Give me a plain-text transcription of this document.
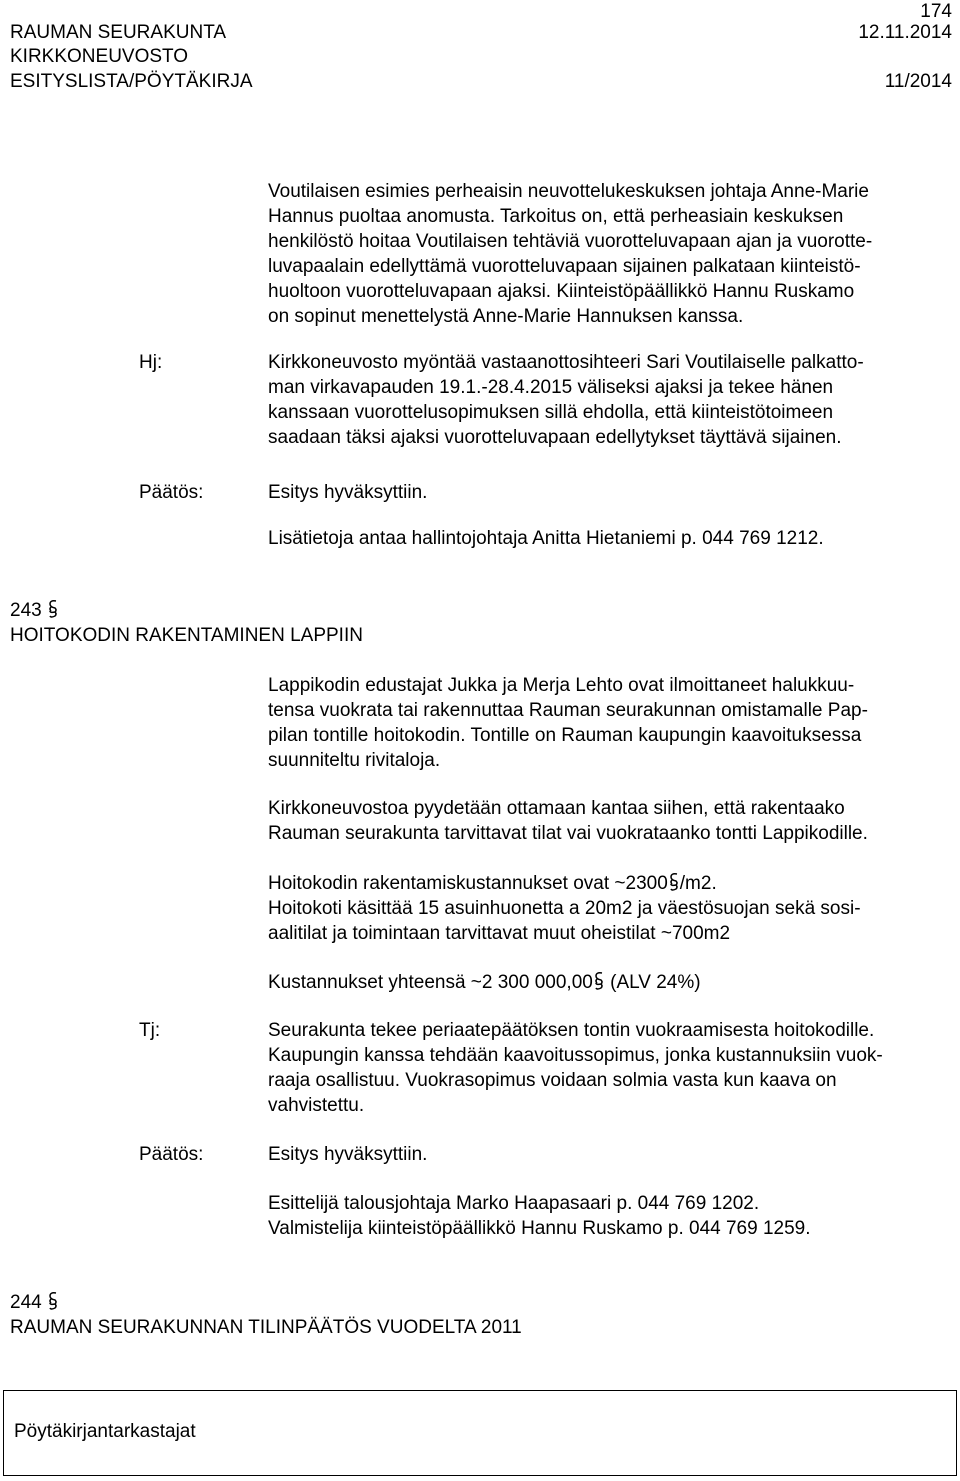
174
RAUMAN SEURAKUNTA	12.11.2014
KIRKKONEUVOSTO
ESITYSLISTA/PÖYTÄKIRJA	11/2014
Voutilaisen esimies perheaisin neuvottelukeskuksen johtaja Anne-Marie
Hannus puoltaa anomusta. Tarkoitus on, että perheasiain keskuksen
henkilöstö hoitaa Voutilaisen tehtäviä vuorotteluvapaan ajan ja vuorotte-
luvapaalain edellyttämä vuorotteluvapaan sijainen palkataan kiinteistö-
huoltoon vuorotteluvapaan ajaksi. Kiinteistöpäällikkö Hannu Ruskamo
on sopinut menettelystä Anne-Marie Hannuksen kanssa.
Hj:	Kirkkoneuvosto myöntää vastaanottosihteeri Sari Voutilaiselle palkatto-
man virkavapauden 19.1.-28.4.2015 väliseksi ajaksi ja tekee hänen
kanssaan vuorottelusopimuksen sillä ehdolla, että kiinteistötoimeen
saadaan täksi ajaksi vuorotteluvapaan edellytykset täyttävä sijainen.
Päätös:	Esitys hyväksyttiin.
Lisätietoja antaa hallintojohtaja Anitta Hietaniemi p. 044 769 1212.
243
HOITOKODIN RAKENTAMINEN LAPPIIN
Lappikodin edustajat Jukka ja Merja Lehto ovat ilmoittaneet halukkuu-
tensa vuokrata tai rakennuttaa Rauman seurakunnan omistamalle Pap-
pilan tontille hoitokodin. Tontille on Rauman kaupungin kaavoituksessa
suunniteltu rivitaloja.
Kirkkoneuvostoa pyydetään ottamaan kantaa siihen, että rakentaako
Rauman seurakunta tarvittavat tilat vai vuokrataanko tontti Lappikodille.
Hoitokodin rakentamiskustannukset ovat ~2300 /m2.
Hoitokoti käsittää 15 asuinhuonetta a 20m2 ja väestösuojan sekä sosi-
aalitilat ja toimintaan tarvittavat muut oheistilat ~700m2
Kustannukset yhteensä ~2 300 000,00 (ALV 24%)
Tj:	Seurakunta tekee periaatepäätöksen tontin vuokraamisesta hoitokodille.
Kaupungin kanssa tehdään kaavoitussopimus, jonka kustannuksiin vuok-
raaja osallistuu. Vuokrasopimus voidaan solmia vasta kun kaava on
vahvistettu.
Päätös:	Esitys hyväksyttiin.
Esittelijä talousjohtaja Marko Haapasaari p. 044 769 1202.
Valmistelija kiinteistöpäällikkö Hannu Ruskamo p. 044 769 1259.
244
RAUMAN SEURAKUNNAN TILINPÄÄTÖS VUODELTA 2011
Pöytäkirjantarkastajat
